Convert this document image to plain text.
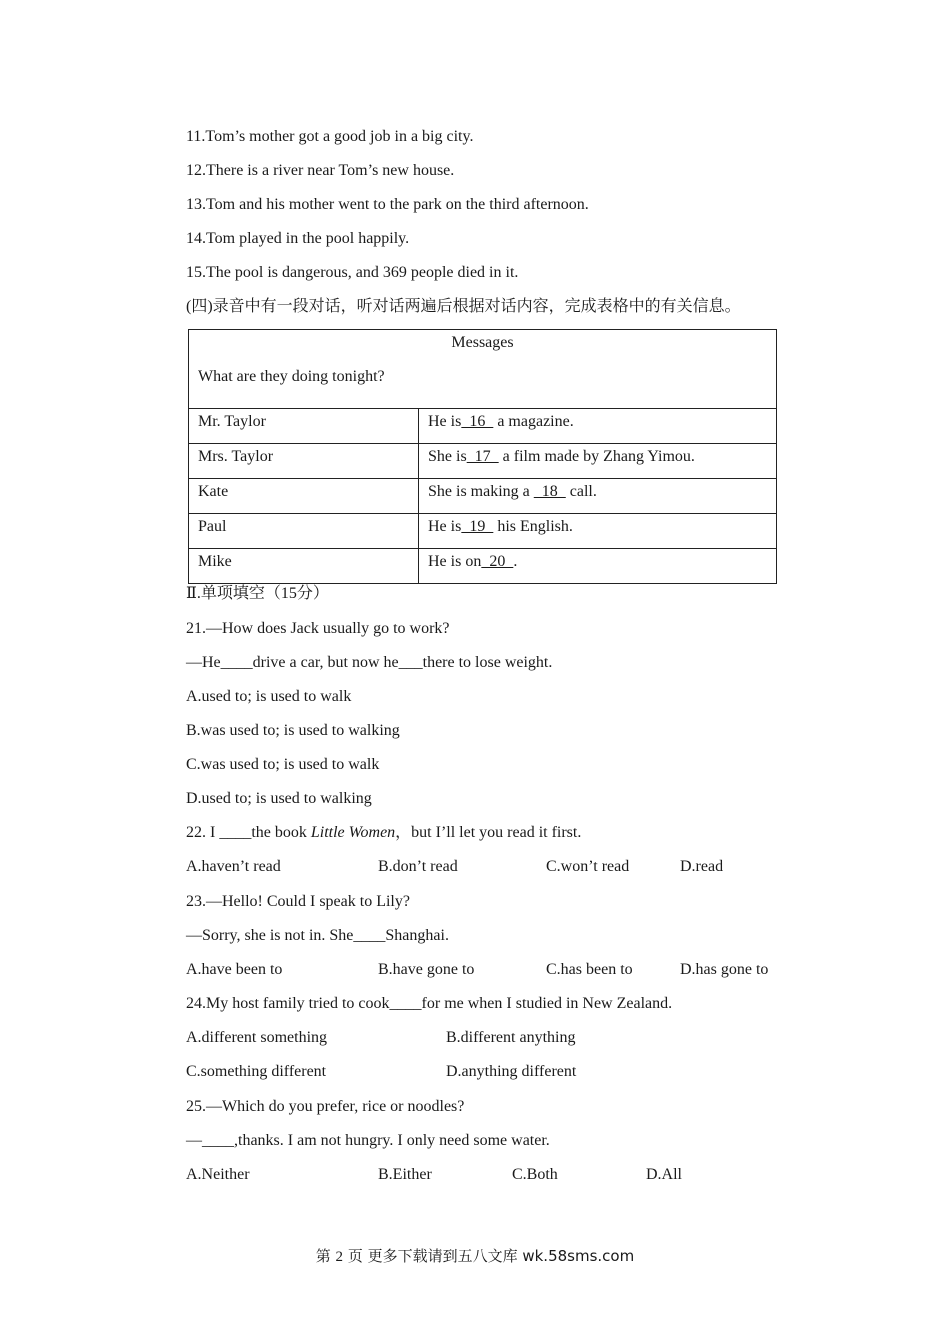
11.Tom’s mother got a good job in a big city.
12.There is a river near Tom’s new house.
13.Tom and his mother went to the park on the third afternoon.
14.Tom played in the pool happily.
15.The pool is dangerous, and 369 people died in it.
(四)录音中有一段对话，听对话两遍后根据对话内容，完成表格中的有关信息。
Messages
What are they doing tonight?	
Mr. Taylor	He is  16   a magazine.
Mrs. Taylor	She is  17   a film made by Zhang Yimou.
Kate	She is making a   18   call.
Paul	He is  19   his English.
Mike	He is on  20  .
Ⅱ.单项填空（15分）
21.—How does Jack usually go to work?
—He____drive a car, but now he___there to lose weight.
A.used to; is used to walk
B.was used to; is used to walking
C.was used to; is used to walk
D.used to; is used to walking
22. I ____the book Little Women，but I’ll let you read it first.
A.haven’t read	B.don’t read	C.won’t read	D.read
23.—Hello! Could I speak to Lily?
—Sorry, she is not in. She____Shanghai.
A.have been to	B.have gone to	C.has been to	D.has gone to
24.My host family tried to cook____for me when I studied in New Zealand.
A.different something	B.different anything
C.something different	D.anything different
25.—Which do you prefer, rice or noodles?
—____,thanks. I am not hungry. I only need some water.
A.Neither	B.Either	C.Both	D.All
第 2 页 更多下载请到五八文库 wk.58sms.com
